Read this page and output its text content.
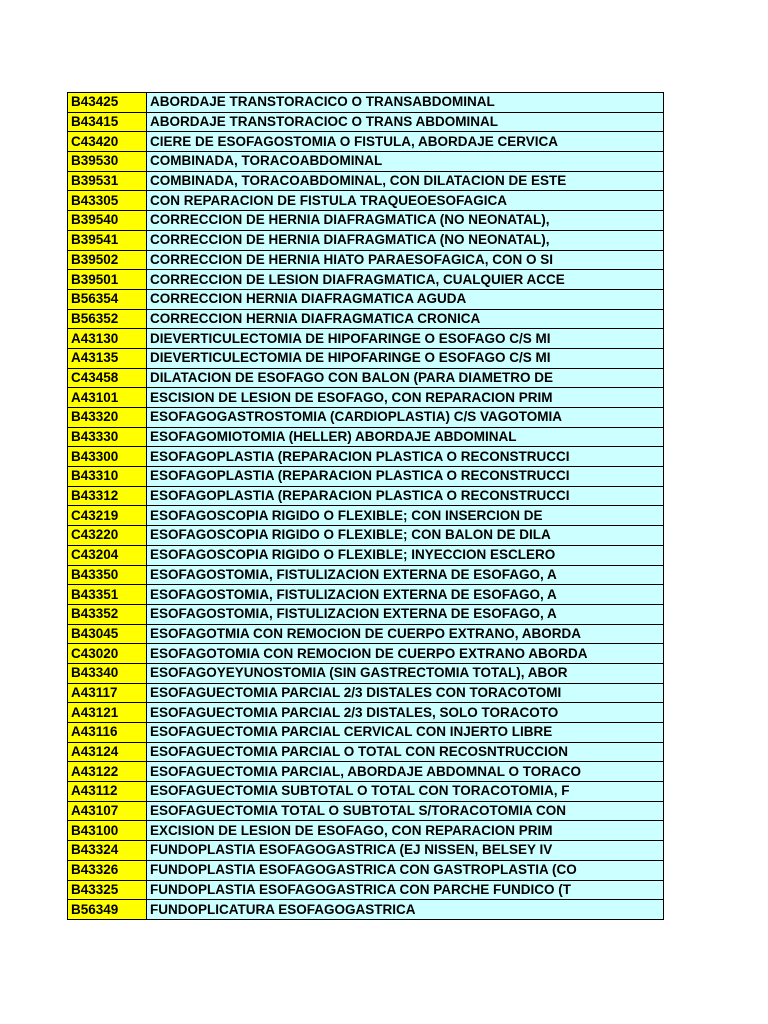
B43425	ABORDAJE TRANSTORACICO O TRANSABDOMINAL
B43415	ABORDAJE TRANSTORACIOC O TRANS ABDOMINAL
C43420	CIERE DE ESOFAGOSTOMIA O FISTULA, ABORDAJE CERVICA
B39530	COMBINADA, TORACOABDOMINAL
B39531	COMBINADA, TORACOABDOMINAL, CON DILATACION DE ESTE
B43305	CON REPARACION DE FISTULA TRAQUEOESOFAGICA
B39540	CORRECCION DE HERNIA DIAFRAGMATICA (NO NEONATAL),
B39541	CORRECCION DE HERNIA DIAFRAGMATICA (NO NEONATAL),
B39502	CORRECCION DE HERNIA HIATO PARAESOFAGICA, CON O SI
B39501	CORRECCION DE LESION DIAFRAGMATICA, CUALQUIER ACCE
B56354	CORRECCION HERNIA DIAFRAGMATICA AGUDA
B56352	CORRECCION HERNIA DIAFRAGMATICA CRONICA
A43130	DIEVERTICULECTOMIA DE HIPOFARINGE O ESOFAGO C/S MI
A43135	DIEVERTICULECTOMIA DE HIPOFARINGE O ESOFAGO C/S MI
C43458	DILATACION DE ESOFAGO CON BALON (PARA DIAMETRO DE
A43101	ESCISION DE LESION DE ESOFAGO, CON REPARACION PRIM
B43320	ESOFAGOGASTROSTOMIA (CARDIOPLASTIA) C/S VAGOTOMIA
B43330	ESOFAGOMIOTOMIA (HELLER) ABORDAJE ABDOMINAL
B43300	ESOFAGOPLASTIA (REPARACION PLASTICA O RECONSTRUCCI
B43310	ESOFAGOPLASTIA (REPARACION PLASTICA O RECONSTRUCCI
B43312	ESOFAGOPLASTIA (REPARACION PLASTICA O RECONSTRUCCI
C43219	ESOFAGOSCOPIA RIGIDO O FLEXIBLE; CON INSERCION DE
C43220	ESOFAGOSCOPIA RIGIDO O FLEXIBLE; CON BALON DE DILA
C43204	ESOFAGOSCOPIA RIGIDO O FLEXIBLE; INYECCION ESCLERO
B43350	ESOFAGOSTOMIA, FISTULIZACION EXTERNA DE ESOFAGO, A
B43351	ESOFAGOSTOMIA, FISTULIZACION EXTERNA DE ESOFAGO, A
B43352	ESOFAGOSTOMIA, FISTULIZACION EXTERNA DE ESOFAGO, A
B43045	ESOFAGOTMIA CON REMOCION DE CUERPO EXTRANO, ABORDA
C43020	ESOFAGOTOMIA CON REMOCION DE CUERPO EXTRANO ABORDA
B43340	ESOFAGOYEYUNOSTOMIA (SIN GASTRECTOMIA TOTAL), ABOR
A43117	ESOFAGUECTOMIA PARCIAL 2/3 DISTALES CON TORACOTOMI
A43121	ESOFAGUECTOMIA PARCIAL 2/3 DISTALES, SOLO TORACOTO
A43116	ESOFAGUECTOMIA PARCIAL CERVICAL CON INJERTO LIBRE
A43124	ESOFAGUECTOMIA PARCIAL O TOTAL CON RECOSNTRUCCION
A43122	ESOFAGUECTOMIA PARCIAL, ABORDAJE ABDOMNAL O TORACO
A43112	ESOFAGUECTOMIA SUBTOTAL O TOTAL CON TORACOTOMIA, F
A43107	ESOFAGUECTOMIA TOTAL O SUBTOTAL S/TORACOTOMIA CON
B43100	EXCISION DE LESION DE ESOFAGO, CON REPARACION PRIM
B43324	FUNDOPLASTIA ESOFAGOGASTRICA (EJ NISSEN, BELSEY IV
B43326	FUNDOPLASTIA ESOFAGOGASTRICA CON GASTROPLASTIA (CO
B43325	FUNDOPLASTIA ESOFAGOGASTRICA CON PARCHE FUNDICO (T
B56349	FUNDOPLICATURA ESOFAGOGASTRICA
